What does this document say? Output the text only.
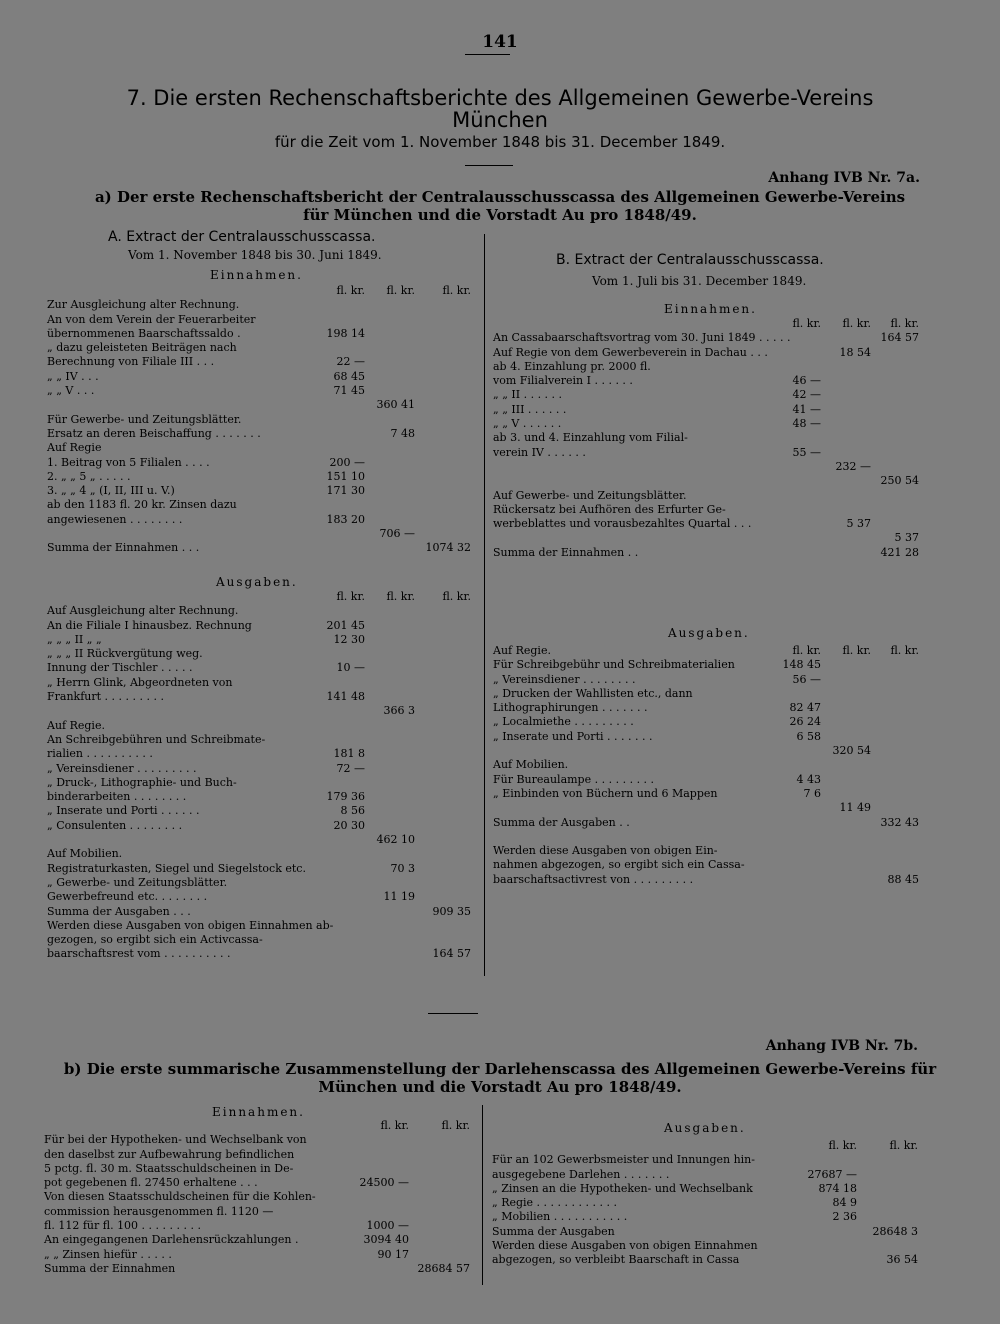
141
7. Die ersten Rechenschaftsberichte des Allgemeinen Gewerbe-Vereins
München
für die Zeit vom 1. November 1848 bis 31. December 1849.
Anhang IVB Nr. 7a.
a) Der erste Rechenschaftsbericht der Centralausschusscassa des Allgemeinen Gewerbe-Vereins
für München und die Vorstadt Au pro 1848/49.
A. Extract der Centralausschusscassa.
Vom 1. November 1848 bis 30. Juni 1849.
Einnahmen.
fl. kr. fl. kr. fl. kr.
Zur Ausgleichung alter Rechnung.
An von dem Verein der Feuerarbeiter
übernommenen Baarschaftssaldo .	198 14
„ dazu geleisteten Beiträgen nach
Berechnung von Filiale III . . .	22 —
„ „ IV . . .	68 45
„ „ V . . .	71 45
360 41
Für Gewerbe- und Zeitungsblätter.
Ersatz an deren Beischaffung . . . . . . .	7 48
Auf Regie
1. Beitrag von 5 Filialen . . . .	200 —
2. „ „ 5 „ . . . . .	151 10
3. „ „ 4 „ (I, II, III u. V.)	171 30
ab den 1183 fl. 20 kr. Zinsen dazu
angewiesenen . . . . . . . .	183 20
706 —
Summa der Einnahmen . . .	1074 32
Ausgaben.
fl. kr. fl. kr. fl. kr.
Auf Ausgleichung alter Rechnung.
An die Filiale I hinausbez. Rechnung	201 45
„ „ „ II „ „	12 30
„ „ „ II Rückvergütung weg.
Innung der Tischler . . . . .	10 —
„ Herrn Glink, Abgeordneten von
Frankfurt . . . . . . . . .	141 48
366 3
Auf Regie.
An Schreibgebühren und Schreibmate-
rialien . . . . . . . . . .	181 8
„ Vereinsdiener . . . . . . . . .	72 —
„ Druck-, Lithographie- und Buch-
binderarbeiten . . . . . . . .	179 36
„ Inserate und Porti . . . . . .	8 56
„ Consulenten . . . . . . . .	20 30
462 10
Auf Mobilien.
Registraturkasten, Siegel und Siegelstock etc.	70 3
„ Gewerbe- und Zeitungsblätter.
Gewerbefreund etc. . . . . . . .	11 19
Summa der Ausgaben . . .	909 35
Werden diese Ausgaben von obigen Einnahmen ab-
gezogen, so ergibt sich ein Activcassa-
baarschaftsrest vom . . . . . . . . . .	164 57
B. Extract der Centralausschusscassa.
Vom 1. Juli bis 31. December 1849.
Einnahmen.
fl. kr. fl. kr. fl. kr.
An Cassabaarschaftsvortrag vom 30. Juni 1849 . . . . .	164 57
Auf Regie von dem Gewerbeverein in Dachau . . .	18 54
ab 4. Einzahlung pr. 2000 fl.
vom Filialverein I . . . . . .	46 —
„ „ II . . . . . .	42 —
„ „ III . . . . . .	41 —
„ „ V . . . . . .	48 —
ab 3. und 4. Einzahlung vom Filial-
verein IV . . . . . .	55 —
232 —
250 54
Auf Gewerbe- und Zeitungsblätter.
Rückersatz bei Aufhören des Erfurter Ge-
werbeblattes und vorausbezahltes Quartal . . .	5 37
5 37
Summa der Einnahmen . .	421 28
Ausgaben.
fl. kr. fl. kr. fl. kr.
Auf Regie.
Für Schreibgebühr und Schreibmaterialien	148 45
„ Vereinsdiener . . . . . . . .	56 —
„ Drucken der Wahllisten etc., dann
Lithographirungen . . . . . . .	82 47
„ Localmiethe . . . . . . . . .	26 24
„ Inserate und Porti . . . . . . .	6 58
320 54
Auf Mobilien.
Für Bureaulampe . . . . . . . . .	4 43
„ Einbinden von Büchern und 6 Mappen	7 6
11 49
Summa der Ausgaben . .	332 43
Werden diese Ausgaben von obigen Ein-
nahmen abgezogen, so ergibt sich ein Cassa-
baarschaftsactivrest von . . . . . . . . .	88 45
Anhang IVB Nr. 7b.
b) Die erste summarische Zusammenstellung der Darlehenscassa des Allgemeinen Gewerbe-Vereins für
München und die Vorstadt Au pro 1848/49.
Einnahmen.
fl. kr.	fl. kr.
Für bei der Hypotheken- und Wechselbank von
den daselbst zur Aufbewahrung befindlichen
5 pctg. fl. 30 m. Staatsschuldscheinen in De-
pot gegebenen fl. 27450 erhaltene . . .	24500 —
Von diesen Staatsschuldscheinen für die Kohlen-
commission herausgenommen fl. 1120 —
fl. 112 für fl. 100 . . . . . . . . .	1000 —
An eingegangenen Darlehensrückzahlungen .	3094 40
„ „ Zinsen hiefür . . . . .	90 17
Summa der Einnahmen	28684 57
Ausgaben.
fl. kr.	fl. kr.
Für an 102 Gewerbsmeister und Innungen hin-
ausgegebene Darlehen . . . . . . .	27687 —
„ Zinsen an die Hypotheken- und Wechselbank	874 18
„ Regie . . . . . . . . . . . .	84 9
„ Mobilien . . . . . . . . . . .	2 36
Summa der Ausgaben	28648 3
Werden diese Ausgaben von obigen Einnahmen
abgezogen, so verbleibt Baarschaft in Cassa	36 54
